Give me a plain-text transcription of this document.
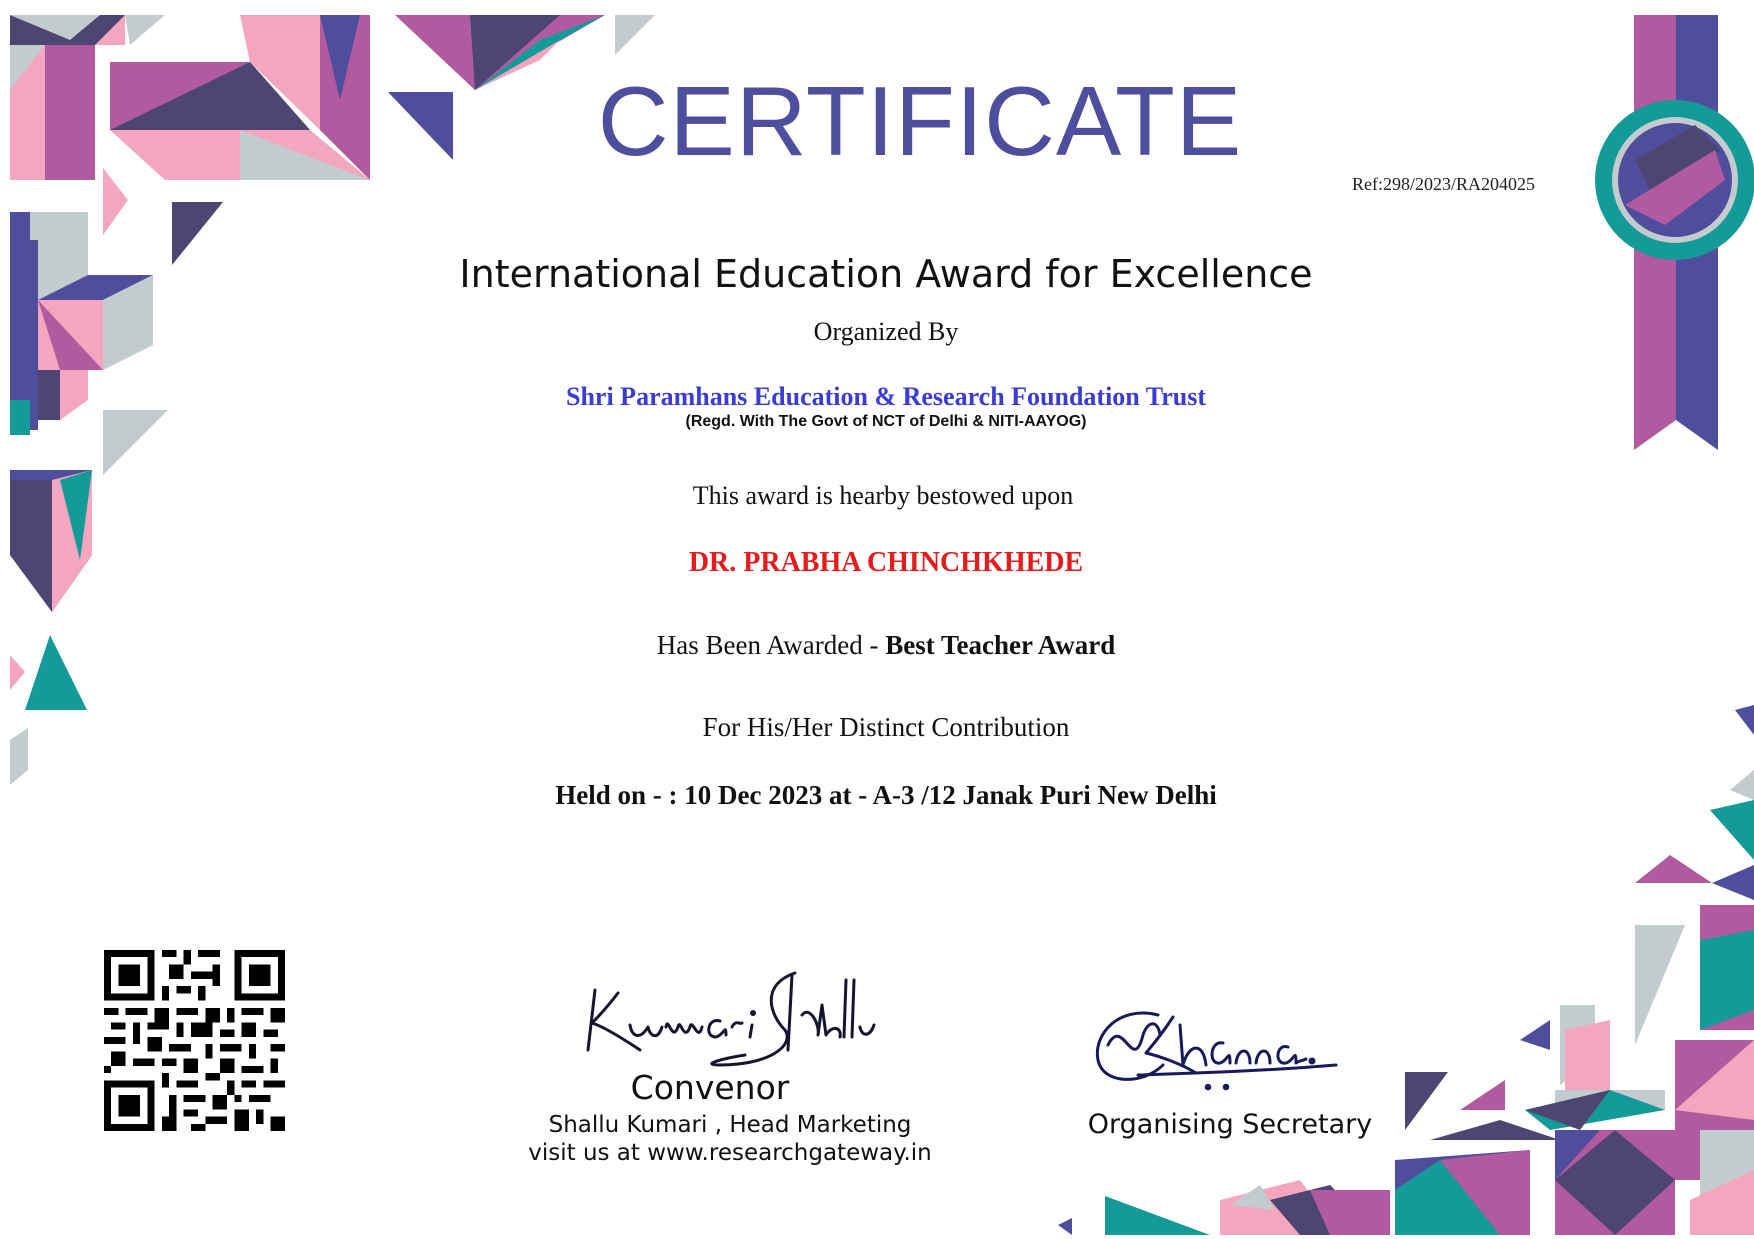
CERTIFICATE
Ref:298/2023/RA204025
International Education Award for Excellence
Organized By
Shri Paramhans Education & Research Foundation Trust
(Regd. With The Govt of NCT of Delhi & NITI-AAYOG)
This award is hearby bestowed upon
DR. PRABHA CHINCHKHEDE
Has Been Awarded - Best Teacher Award
For His/Her Distinct Contribution
Held on - : 10 Dec 2023 at - A-3 /12 Janak Puri New Delhi
Convenor
Shallu Kumari , Head Marketing
visit us at www.researchgateway.in
Organising Secretary
